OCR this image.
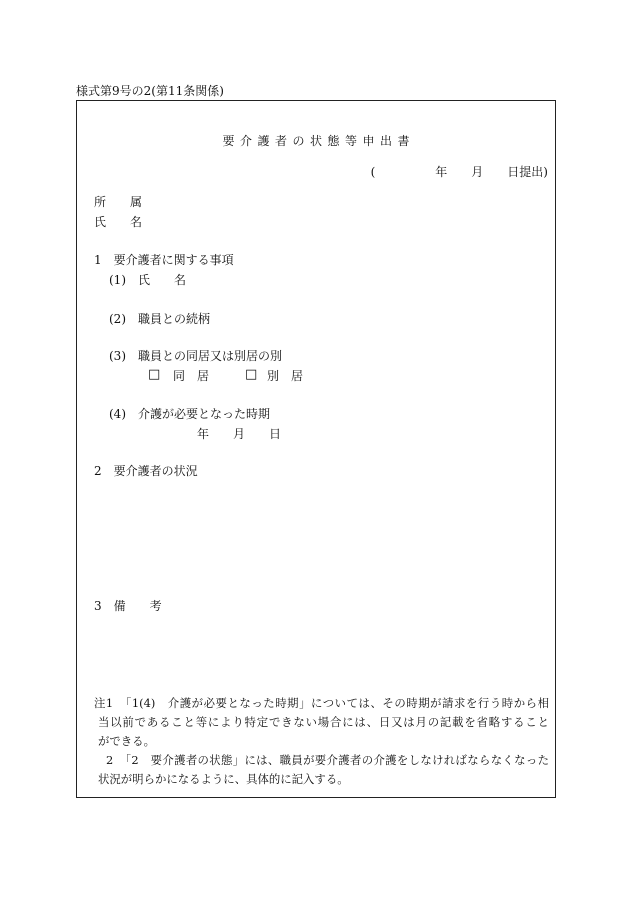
様式第9号の2(第11条関係)
要介護者の状態等申出書
(　　　　　年　　月　　日提出)
所　　属
氏　　名
1　要介護者に関する事項
(1)　氏　　名
(2)　職員との続柄
(3)　職員との同居又は別居の別
□ 同　居	□ 別　居
(4)　介護が必要となった時期
年　　月　　日
2　要介護者の状況
3　備　　考
注1　「1(4)　介護が必要となった時期」については、その時期が請求を行う時から相
当以前であること等により特定できない場合には、日又は月の記載を省略すること
ができる。
2　「2　要介護者の状態」には、職員が要介護者の介護をしなければならなくなった
状況が明らかになるように、具体的に記入する。
